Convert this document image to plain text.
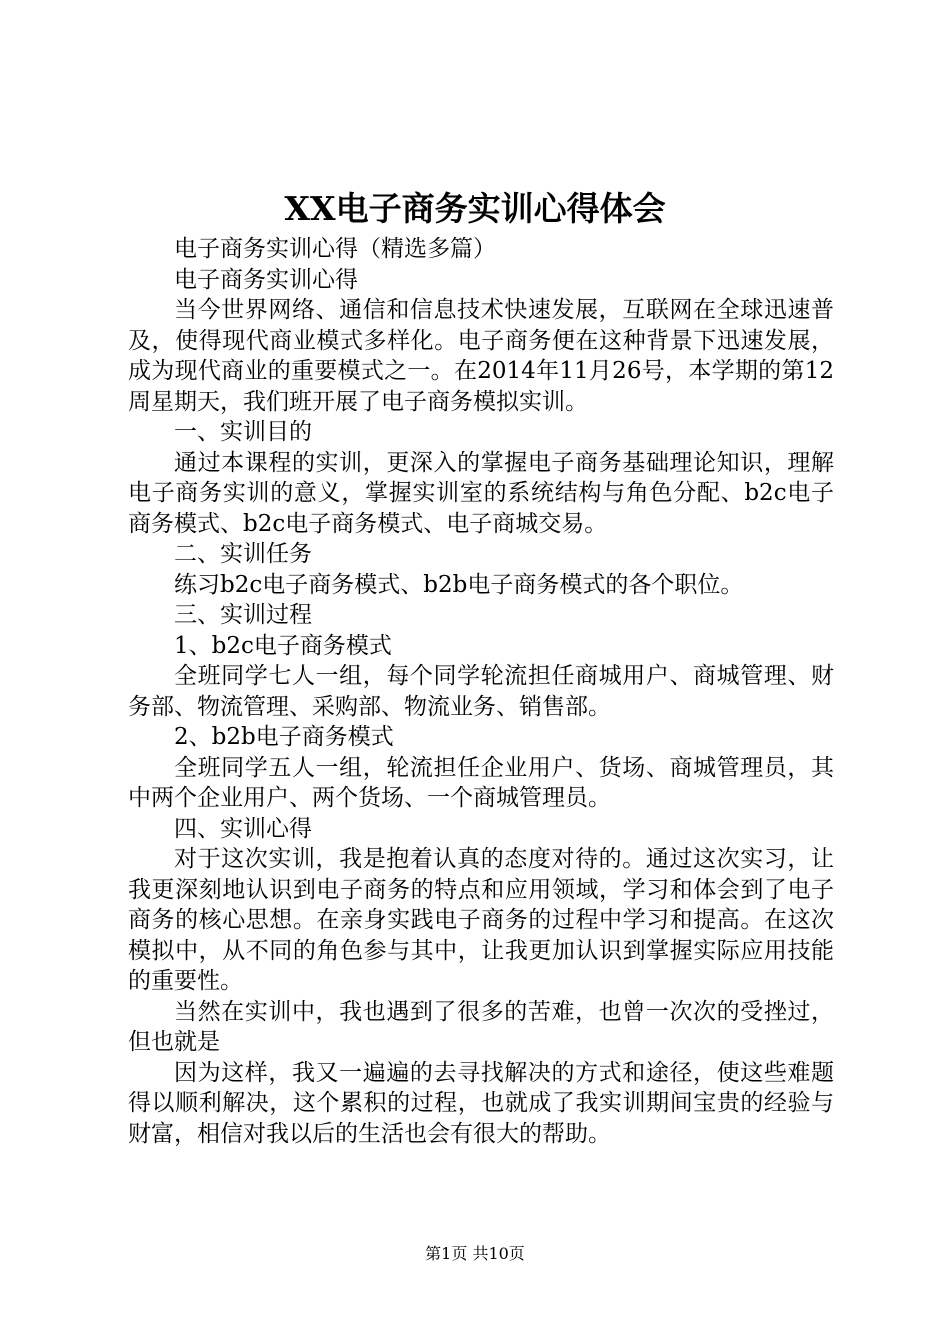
XX电子商务实训心得体会

电子商务实训心得（精选多篇）

电子商务实训心得

当今世界网络、通信和信息技术快速发展，互联网在全球迅速普及，使得现代商业模式多样化。电子商务便在这种背景下迅速发展，成为现代商业的重要模式之一。在2014年11月26号，本学期的第12周星期天，我们班开展了电子商务模拟实训。

一、实训目的

通过本课程的实训，更深入的掌握电子商务基础理论知识，理解电子商务实训的意义，掌握实训室的系统结构与角色分配、b2c电子商务模式、b2c电子商务模式、电子商城交易。

二、实训任务

练习b2c电子商务模式、b2b电子商务模式的各个职位。

三、实训过程

1、b2c电子商务模式

全班同学七人一组，每个同学轮流担任商城用户、商城管理、财务部、物流管理、采购部、物流业务、销售部。

2、b2b电子商务模式

全班同学五人一组，轮流担任企业用户、货场、商城管理员，其中两个企业用户、两个货场、一个商城管理员。

四、实训心得

对于这次实训，我是抱着认真的态度对待的。通过这次实习，让我更深刻地认识到电子商务的特点和应用领域，学习和体会到了电子商务的核心思想。在亲身实践电子商务的过程中学习和提高。在这次模拟中，从不同的角色参与其中，让我更加认识到掌握实际应用技能的重要性。

当然在实训中，我也遇到了很多的苦难，也曾一次次的受挫过，但也就是

因为这样，我又一遍遍的去寻找解决的方式和途径，使这些难题得以顺利解决，这个累积的过程，也就成了我实训期间宝贵的经验与财富，相信对我以后的生活也会有很大的帮助。

第1页 共10页
